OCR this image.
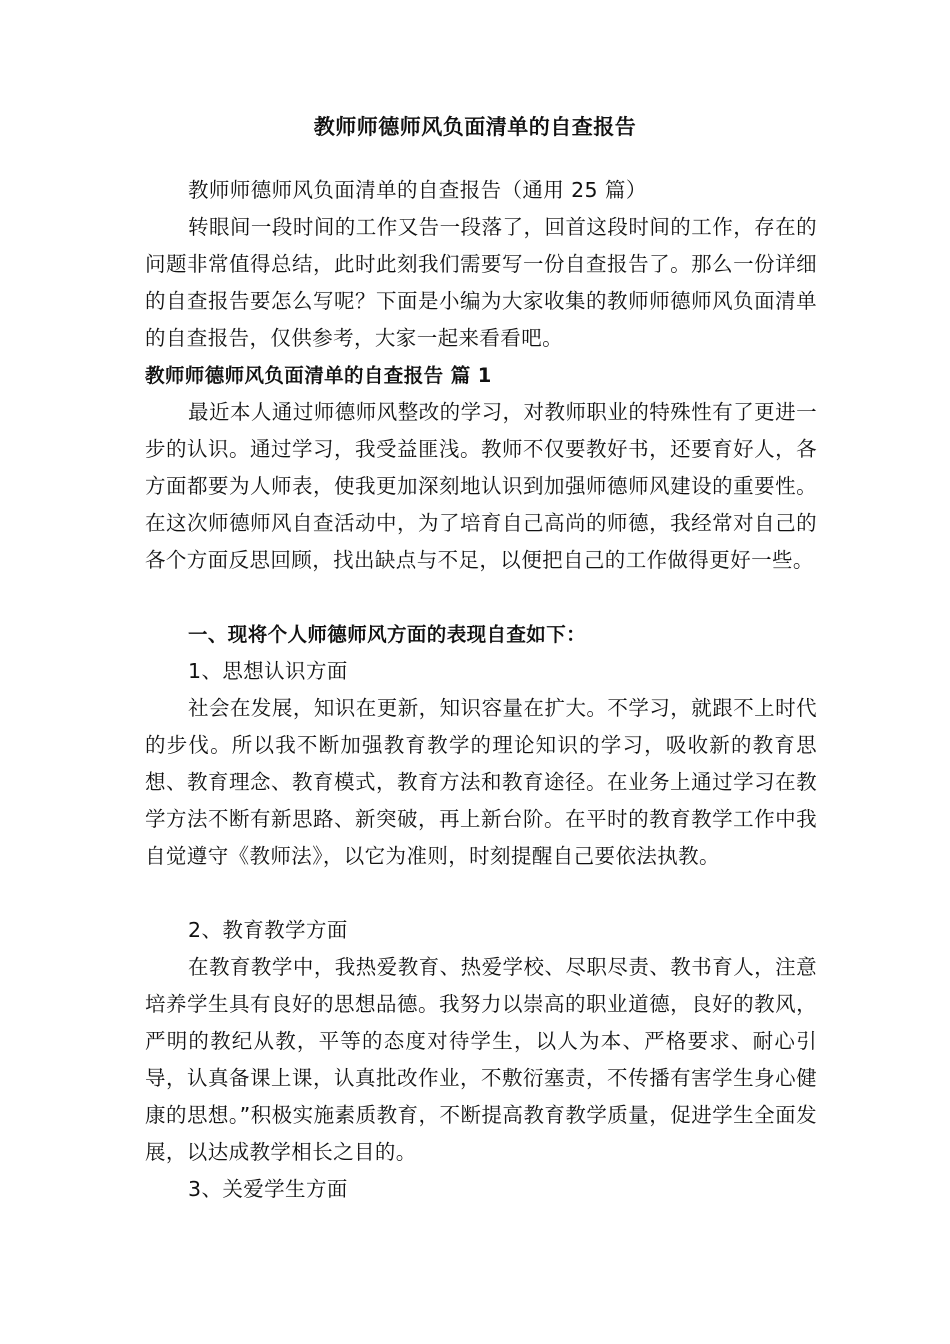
教师师德师风负面清单的自查报告

教师师德师风负面清单的自查报告（通用 25 篇）

转眼间一段时间的工作又告一段落了，回首这段时间的工作，存在的问题非常值得总结，此时此刻我们需要写一份自查报告了。那么一份详细的自查报告要怎么写呢？下面是小编为大家收集的教师师德师风负面清单的自查报告，仅供参考，大家一起来看看吧。

教师师德师风负面清单的自查报告 篇 1

最近本人通过师德师风整改的学习，对教师职业的特殊性有了更进一步的认识。通过学习，我受益匪浅。教师不仅要教好书，还要育好人，各方面都要为人师表，使我更加深刻地认识到加强师德师风建设的重要性。在这次师德师风自查活动中，为了培育自己高尚的师德，我经常对自己的各个方面反思回顾，找出缺点与不足，以便把自己的工作做得更好一些。

一、现将个人师德师风方面的表现自查如下：

1、思想认识方面

社会在发展，知识在更新，知识容量在扩大。不学习，就跟不上时代的步伐。所以我不断加强教育教学的理论知识的学习，吸收新的教育思想、教育理念、教育模式，教育方法和教育途径。在业务上通过学习在教学方法不断有新思路、新突破，再上新台阶。在平时的教育教学工作中我自觉遵守《教师法》，以它为准则，时刻提醒自己要依法执教。

2、教育教学方面

在教育教学中，我热爱教育、热爱学校、尽职尽责、教书育人，注意培养学生具有良好的思想品德。我努力以崇高的职业道德，良好的教风，严明的教纪从教，平等的态度对待学生，以人为本、严格要求、耐心引导，认真备课上课，认真批改作业，不敷衍塞责，不传播有害学生身心健康的思想。”积极实施素质教育，不断提高教育教学质量，促进学生全面发展，以达成教学相长之目的。

3、关爱学生方面
